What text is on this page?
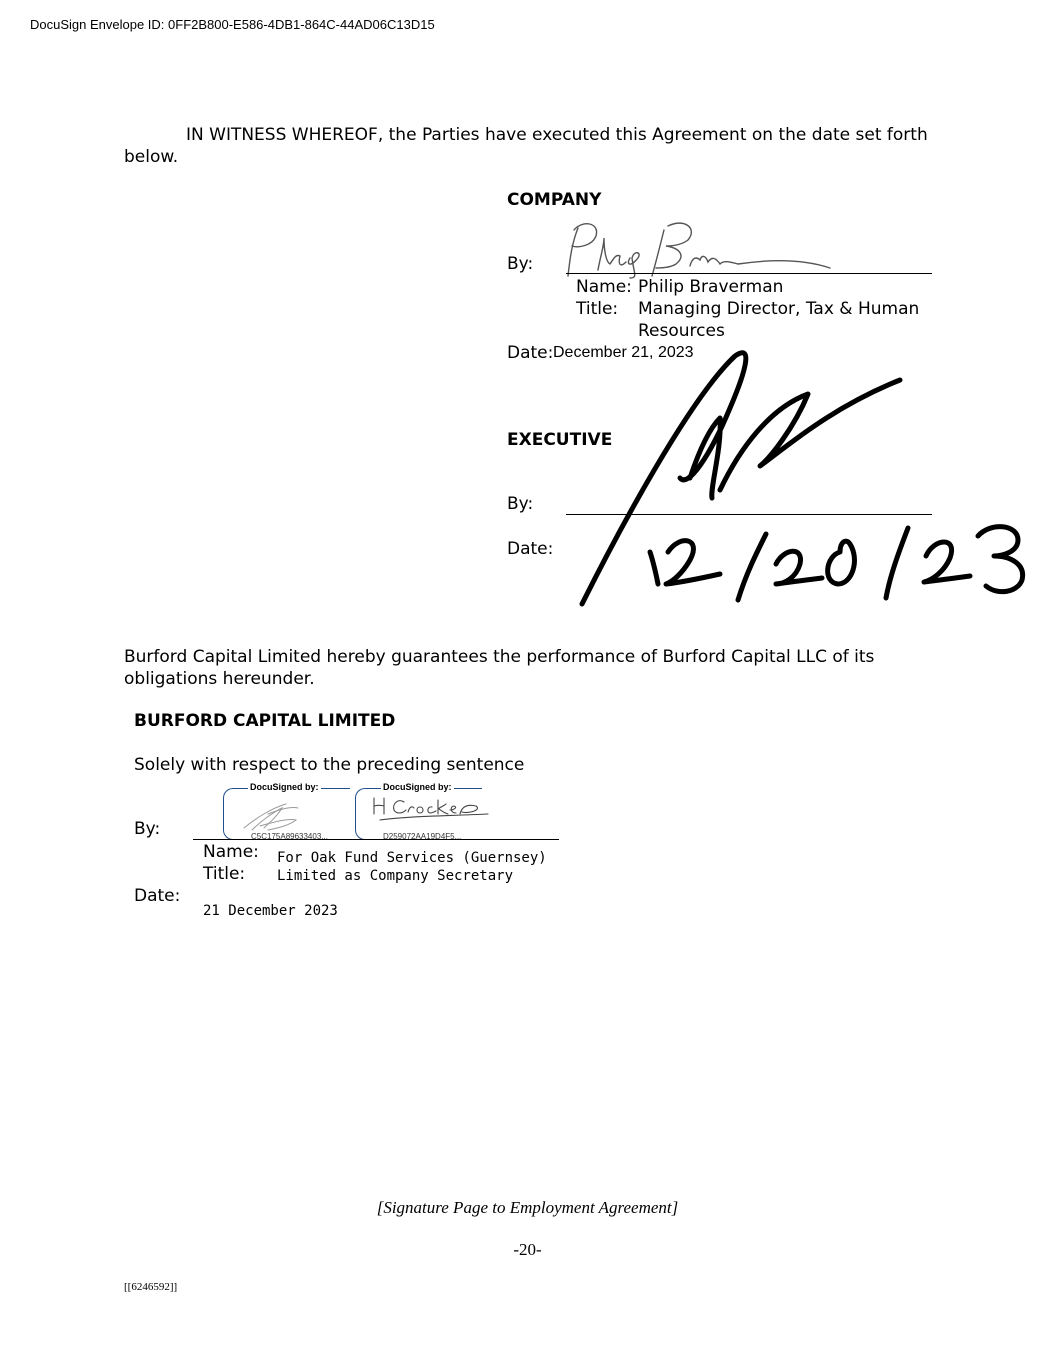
DocuSign Envelope ID: 0FF2B800-E586-4DB1-864C-44AD06C13D15
IN WITNESS WHEREOF, the Parties have executed this Agreement on the date set forth
below.
COMPANY
By:
Name: Philip Braverman
Title: Managing Director, Tax & Human
Resources
Date: December 21, 2023
EXECUTIVE
By:
Date:
Burford Capital Limited hereby guarantees the performance of Burford Capital LLC of its
obligations hereunder.
BURFORD CAPITAL LIMITED
Solely with respect to the preceding sentence
By:
DocuSigned by:
C5C175A89633403...
DocuSigned by:
D259072AA19D4F5...
Name:
Title:
For Oak Fund Services (Guernsey)
Limited as Company Secretary
Date:
21 December 2023
[Signature Page to Employment Agreement]
-20-
[[6246592]]
